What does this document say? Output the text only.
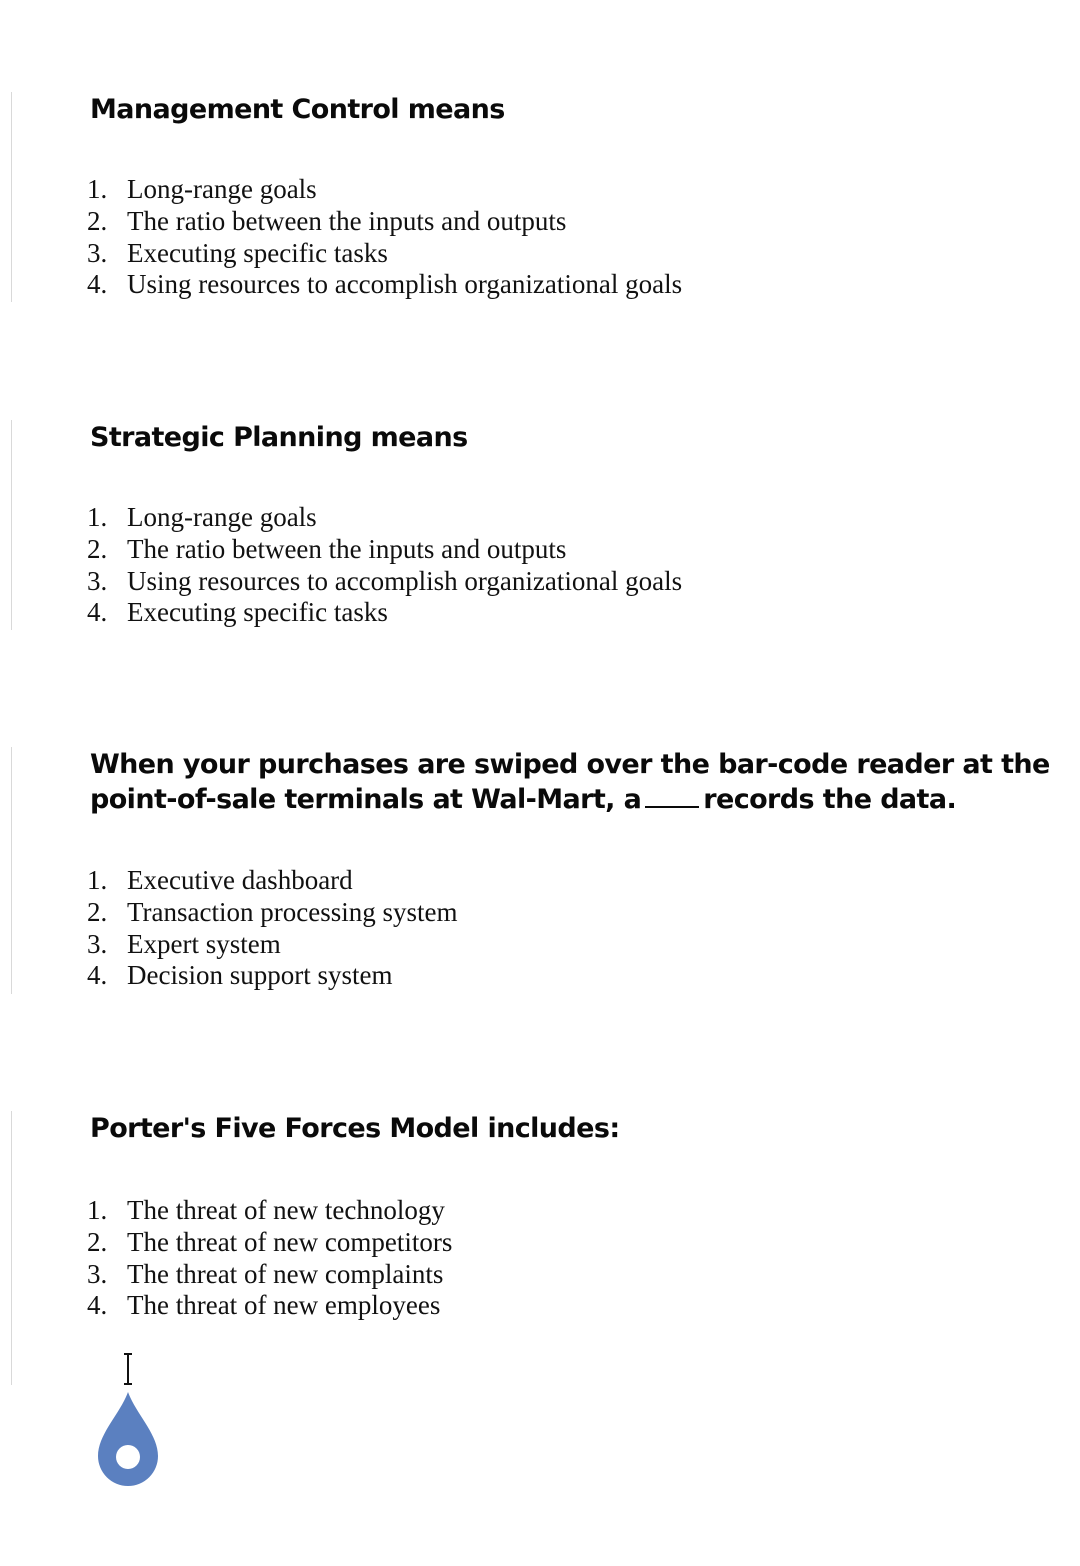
Management Control means
1. Long-range goals
2. The ratio between the inputs and outputs
3. Executing specific tasks
4. Using resources to accomplish organizational goals
Strategic Planning means
1. Long-range goals
2. The ratio between the inputs and outputs
3. Using resources to accomplish organizational goals
4. Executing specific tasks
When your purchases are swiped over the bar-code reader at the point-of-sale terminals at Wal-Mart, a records the data.
1. Executive dashboard
2. Transaction processing system
3. Expert system
4. Decision support system
Porter's Five Forces Model includes:
1. The threat of new technology
2. The threat of new competitors
3. The threat of new complaints
4. The threat of new employees
